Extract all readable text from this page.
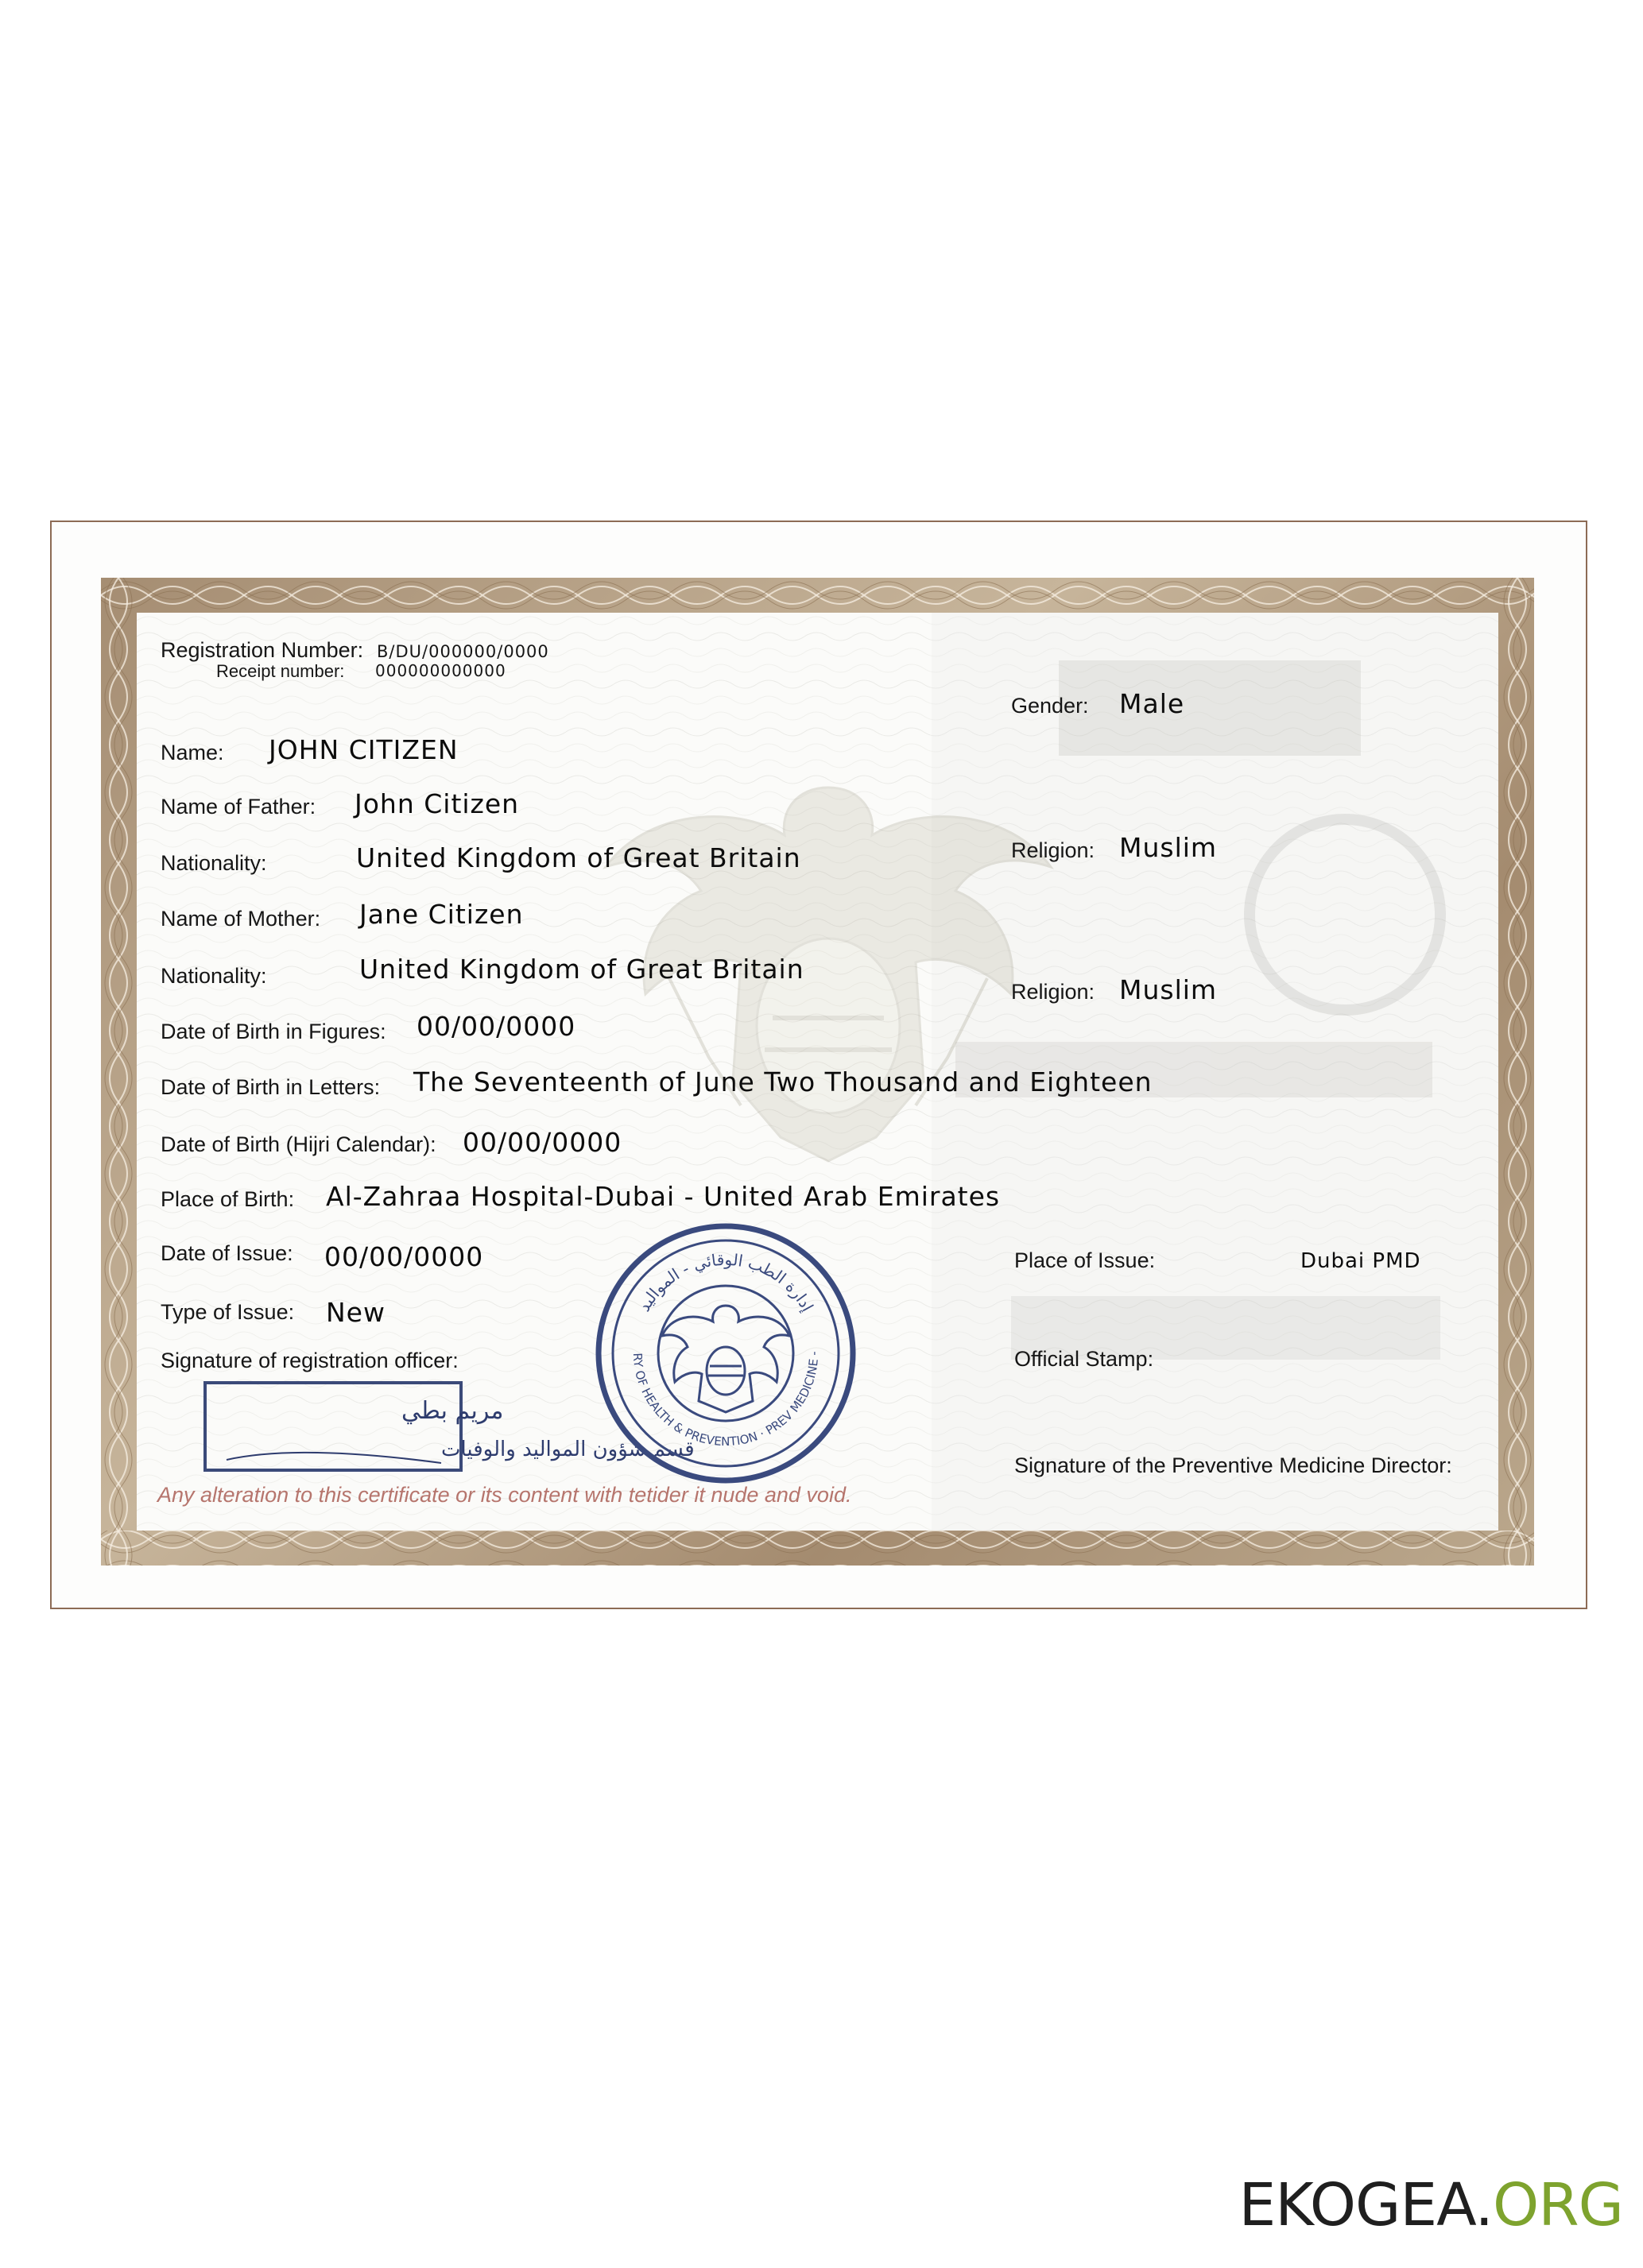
Registration Number: B/DU/000000/0000
Receipt number: 000000000000
Gender: Male
Name: JOHN CITIZEN
Name of Father: John Citizen
Nationality:	United Kingdom of Great Britain	Religion: Muslim
Name of Mother: Jane Citizen
Nationality:	United Kingdom of Great Britain
Religion: Muslim
Date of Birth in Figures: 00/00/0000
Date of Birth in Letters: The Seventeenth of June Two Thousand and Eighteen
Date of Birth (Hijri Calendar): 00/00/0000
Place of Birth: Al-Zahraa Hospital-Dubai - United Arab Emirates
Date of Issue: 00/00/0000	Place of Issue:	Dubai PMD
Type of Issue: New
Signature of registration officer:	Official Stamp:
Signature of the Preventive Medicine Director:
مريم بطي
قسم شؤون المواليد والوفيات
إدارة الطب الوقائي - المواليد
RY OF HEALTH & PREVENTION · PREV MEDICINE -
Any alteration to this certificate or its content with tetider it nude and void.
EKOGEA.ORG
